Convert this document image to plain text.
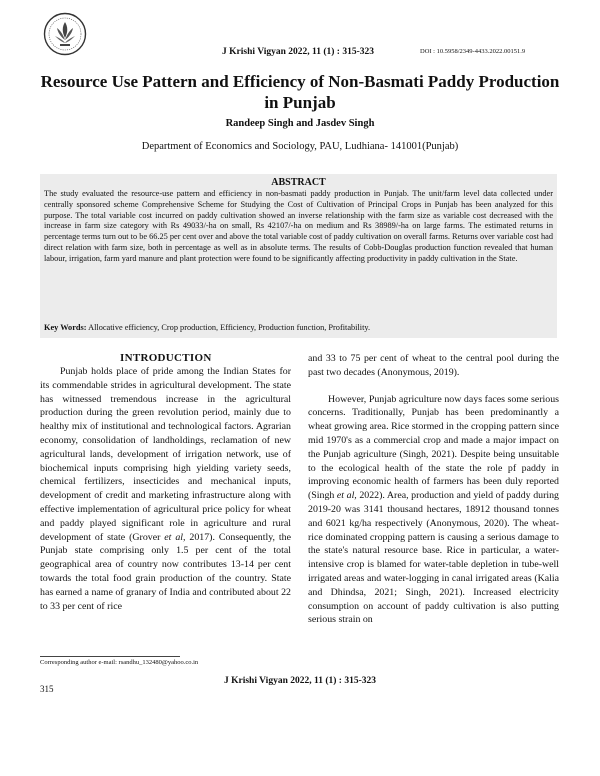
J Krishi Vigyan 2022, 11 (1) : 315-323	DOI : 10.5958/2349-4433.2022.00151.9
Resource Use Pattern and Efficiency of Non-Basmati Paddy Production in Punjab
Randeep Singh and Jasdev Singh
Department of Economics and Sociology, PAU, Ludhiana- 141001(Punjab)
ABSTRACT
The study evaluated the resource-use pattern and efficiency in non-basmati paddy production in Punjab. The unit/farm level data collected under centrally sponsored scheme Comprehensive Scheme for Studying the Cost of Cultivation of Principal Crops in Punjab has been analyzed for this purpose. The total variable cost incurred on paddy cultivation showed an inverse relationship with the farm size as variable cost decreased with the increase in farm size category with Rs 49033/-ha on small, Rs 42107/-ha on medium and Rs 38989/-ha on large farms. The estimated returns in percentage terms turn out to be 66.25 per cent over and above the total variable cost of paddy cultivation on overall farms. Returns over variable cost had direct relation with farm size, both in percentage as well as in absolute terms. The results of Cobb-Douglas production function revealed that human labour, irrigation, farm yard manure and plant protection were found to be significantly affecting productivity in paddy cultivation in the State.
Key Words: Allocative efficiency, Crop production, Efficiency, Production function, Profitability.
INTRODUCTION

Punjab holds place of pride among the Indian States for its commendable strides in agricultural development. The state has witnessed tremendous increase in the agricultural production during the green revolution period, mainly due to healthy mix of institutional and technological factors. Agrarian economy, consolidation of landholdings, reclamation of new agricultural lands, development of irrigation network, use of biochemical inputs comprising high yielding variety seeds, chemical fertilizers, insecticides and mechanical inputs, development of credit and marketing infrastructure along with effective implementation of agricultural price policy for wheat and paddy played significant role in agriculture and rural development of state (Grover et al, 2017). Consequently, the Punjab state comprising only 1.5 per cent of the total geographical area of country now contributes 13-14 per cent towards the total food grain production of the country. State has earned a name of granary of India and contributed about 22 to 33 per cent of rice

and 33 to 75 per cent of wheat to the central pool during the past two decades (Anonymous, 2019).

However, Punjab agriculture now days faces some serious concerns. Traditionally, Punjab has been predominantly a wheat growing area. Rice stormed in the cropping pattern since mid 1970's as a commercial crop and made a major impact on the Punjab agriculture (Singh, 2021). Despite being unsuitable to the ecological health of the state the role pf paddy in improving economic health of farmers has been duly reported (Singh et al, 2022). Area, production and yield of paddy during 2019-20 was 3141 thousand hectares, 18912 thousand tonnes and 6021 kg/ha respectively (Anonymous, 2020). The wheat-rice dominated cropping pattern is causing a serious damage to the state's natural resource base. Rice in particular, a water-intensive crop is blamed for water-table depletion in tube-well irrigated areas and water-logging in canal irrigated areas (Kalia and Dhindsa, 2021; Singh, 2021). Increased electricity consumption on account of paddy cultivation is also putting serious strain on

Corresponding author e-mail: rsandhu_132480@yahoo.co.in
J Krishi Vigyan 2022, 11 (1) : 315-323
315
